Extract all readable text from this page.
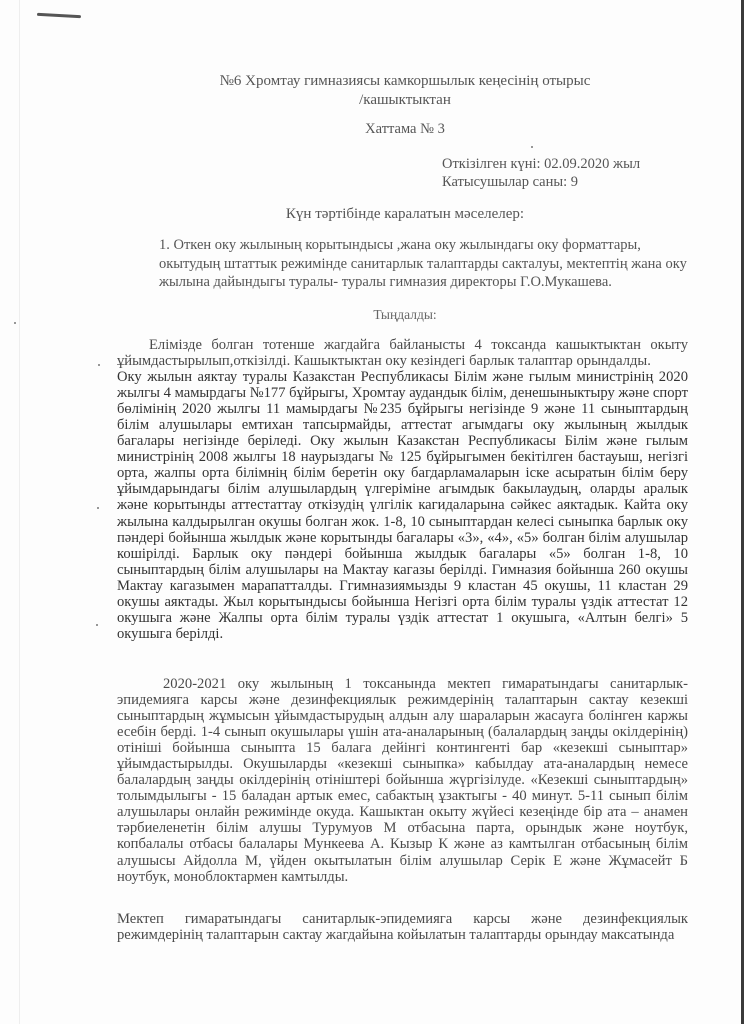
№6 Хромтау гимназиясы камкоршылык кеңесінің отырыс
/кашыктыктан
Хаттама № 3
Откізілген күні: 02.09.2020 жыл
Катысушылар саны: 9
Күн тәртібінде каралатын мәселелер:
1. Откен оку жылының корытындысы ,жана оку жылындагы оку форматтары, окытудың штаттык режимінде санитарлык талаптарды сакталуы, мектептің жана оку жылына дайындыгы туралы- туралы гимназия директоры Г.О.Мукашева.
Тыңдалды:
Елімізде болган тотенше жагдайга байланысты 4 токсанда кашыктыктан окыту ұйымдастырылып,откізілді. Кашыктыктан оку кезіндегі барлык талаптар орындалды.
Оку жылын аяктау туралы Казакстан Республикасы Білім және гылым министрінің 2020 жылгы 4 мамырдагы №177 бұйрыгы, Хромтау аудандык білім, денешыныктыру және спорт бөлімінің 2020 жылгы 11 мамырдагы №235 бұйрыгы негізінде 9 және 11 сыныптардың білім алушылары емтихан тапсырмайды, аттестат агымдагы оку жылының жылдык багалары негізінде беріледі. Оку жылын Казакстан Республикасы Білім және гылым министрінің 2008 жылгы 18 наурыздагы № 125 бұйрыгымен бекітілген бастауыш, негізгі орта, жалпы орта білімнің білім беретін оку багдарламаларын іске асыратын білім беру ұйымдарындагы білім алушылардың үлгеріміне агымдык бакылаудың, оларды аралык және корытынды аттестаттау откізудің үлгілік кагидаларына сәйкес аяктадык. Кайта оку жылына калдырылган окушы болган жок. 1-8, 10 сыныптардан келесі сыныпка барлык оку пәндері бойынша жылдык және корытынды багалары «3», «4», «5» болган білім алушылар кошірілді. Барлык оку пәндері бойынша жылдык багалары «5» болган 1-8, 10 сыныптардың білім алушылары на Мактау кагазы берілді. Гимназия бойынша 260 окушы Мактау кагазымен марапатталды. Ггимназиямызды 9 кластан 45 окушы, 11 кластан 29 окушы аяктады. Жыл корытындысы бойынша Негізгі орта білім туралы үздік аттестат 12 окушыга және Жалпы орта білім туралы үздік аттестат 1 окушыга, «Алтын белгі» 5 окушыга берілді.
2020-2021 оку жылының 1 токсанында мектеп гимаратындагы санитарлык-эпидемияга карсы және дезинфекциялык режимдерінің талаптарын сактау кезекші сыныптардың жұмысын ұйымдастырудың алдын алу шараларын жасауга болінген каржы есебін берді. 1-4 сынып окушылары үшін ата-аналарының (балалардың заңды окілдерінің) отініші бойынша сыныпта 15 балага дейінгі контингенті бар «кезекші сыныптар» ұйымдастырылды. Окушыларды «кезекші сыныпка» кабылдау ата-аналардың немесе балалардың заңды окілдерінің отініштері бойынша жүргізілуде. «Кезекші сыныптардың» толымдылыгы - 15 баладан артык емес, сабактың ұзактыгы - 40 минут. 5-11 сынып білім алушылары онлайн режимінде окуда. Кашыктан окыту жүйесі кезеңінде бір ата – анамен тәрбиеленетін білім алушы Турумуов М отбасына парта, орындык және ноутбук, копбалалы отбасы балалары Мункеева А. Кызыр К және аз камтылган отбасының білім алушысы Айдолла М, үйден окытылатын білім алушылар Серік Е және Жұмасейт Б ноутбук, моноблоктармен камтылды.
Мектеп гимаратындагы санитарлык-эпидемияга карсы және дезинфекциялык режимдерінің талаптарын сактау жагдайына койылатын талаптарды орындау максатында
